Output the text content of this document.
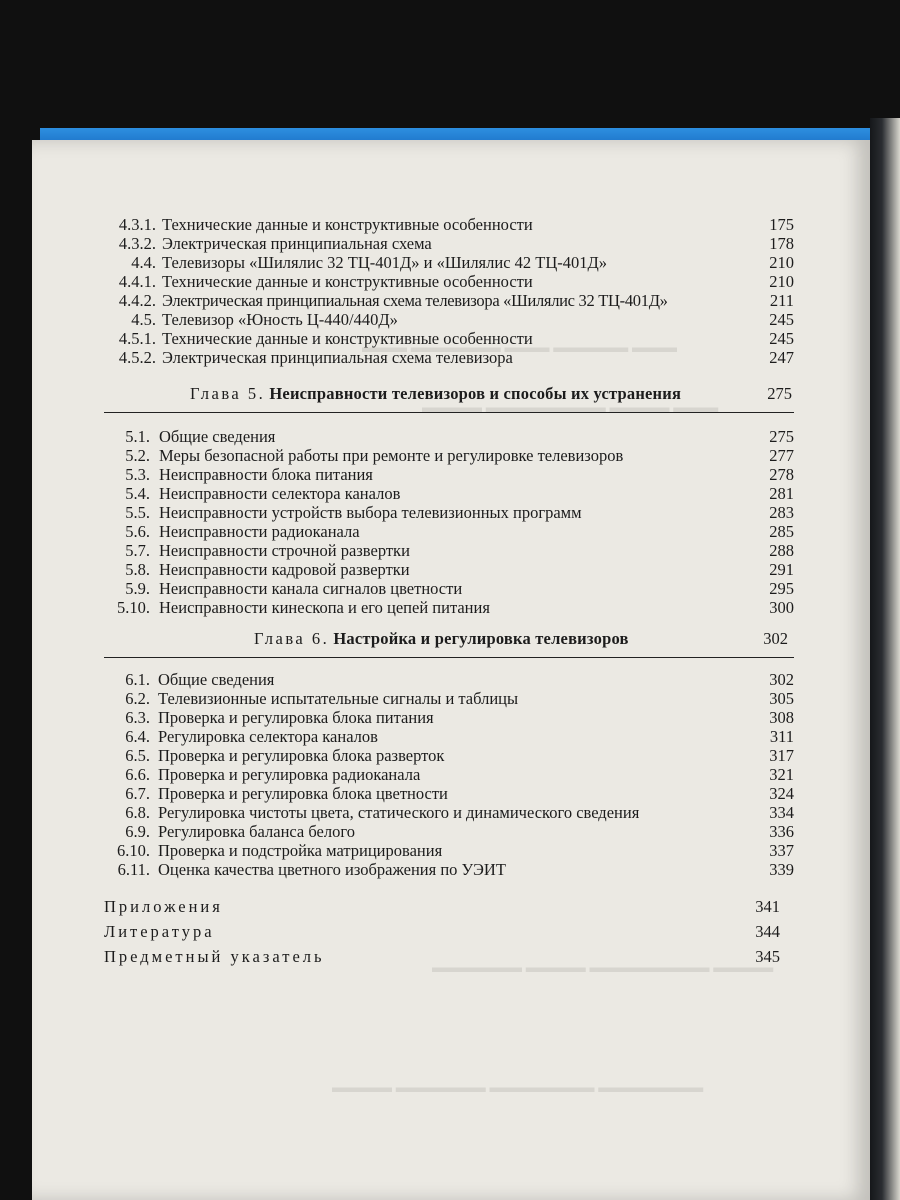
▬▬▬ ▬▬▬▬▬▬ ▬▬▬ ▬▬▬▬▬ ▬▬▬
▬▬▬▬ ▬▬▬▬▬▬▬▬ ▬▬▬▬ ▬▬▬
▬▬▬▬▬▬ ▬▬▬▬ ▬▬▬▬▬▬▬▬ ▬▬▬▬
▬▬▬▬ ▬▬▬▬▬▬ ▬▬▬▬▬▬▬ ▬▬▬▬▬▬▬
4.3.1. Технические данные и конструктивные особенности	175
4.3.2. Электрическая принципиальная схема	178
4.4. Телевизоры «Шилялис 32 ТЦ-401Д» и «Шилялис 42 ТЦ-401Д»	210
4.4.1. Технические данные и конструктивные особенности	210
4.4.2. Электрическая принципиальная схема телевизора «Шилялис 32 ТЦ-401Д»	211
4.5. Телевизор «Юность Ц-440/440Д»	245
4.5.1. Технические данные и конструктивные особенности	245
4.5.2. Электрическая принципиальная схема телевизора	247
Глава 5. Неисправности телевизоров и способы их устранения	275
5.1. Общие сведения	275
5.2. Меры безопасной работы при ремонте и регулировке телевизоров	277
5.3. Неисправности блока питания	278
5.4. Неисправности селектора каналов	281
5.5. Неисправности устройств выбора телевизионных программ	283
5.6. Неисправности радиоканала	285
5.7. Неисправности строчной развертки	288
5.8. Неисправности кадровой развертки	291
5.9. Неисправности канала сигналов цветности	295
5.10. Неисправности кинескопа и его цепей питания	300
Глава 6. Настройка и регулировка телевизоров	302
6.1. Общие сведения	302
6.2. Телевизионные испытательные сигналы и таблицы	305
6.3. Проверка и регулировка блока питания	308
6.4. Регулировка селектора каналов	311
6.5. Проверка и регулировка блока разверток	317
6.6. Проверка и регулировка радиоканала	321
6.7. Проверка и регулировка блока цветности	324
6.8. Регулировка чистоты цвета, статического и динамического сведения	334
6.9. Регулировка баланса белого	336
6.10. Проверка и подстройка матрицирования	337
6.11. Оценка качества цветного изображения по УЭИТ	339
Приложения	341
Литература	344
Предметный указатель	345
